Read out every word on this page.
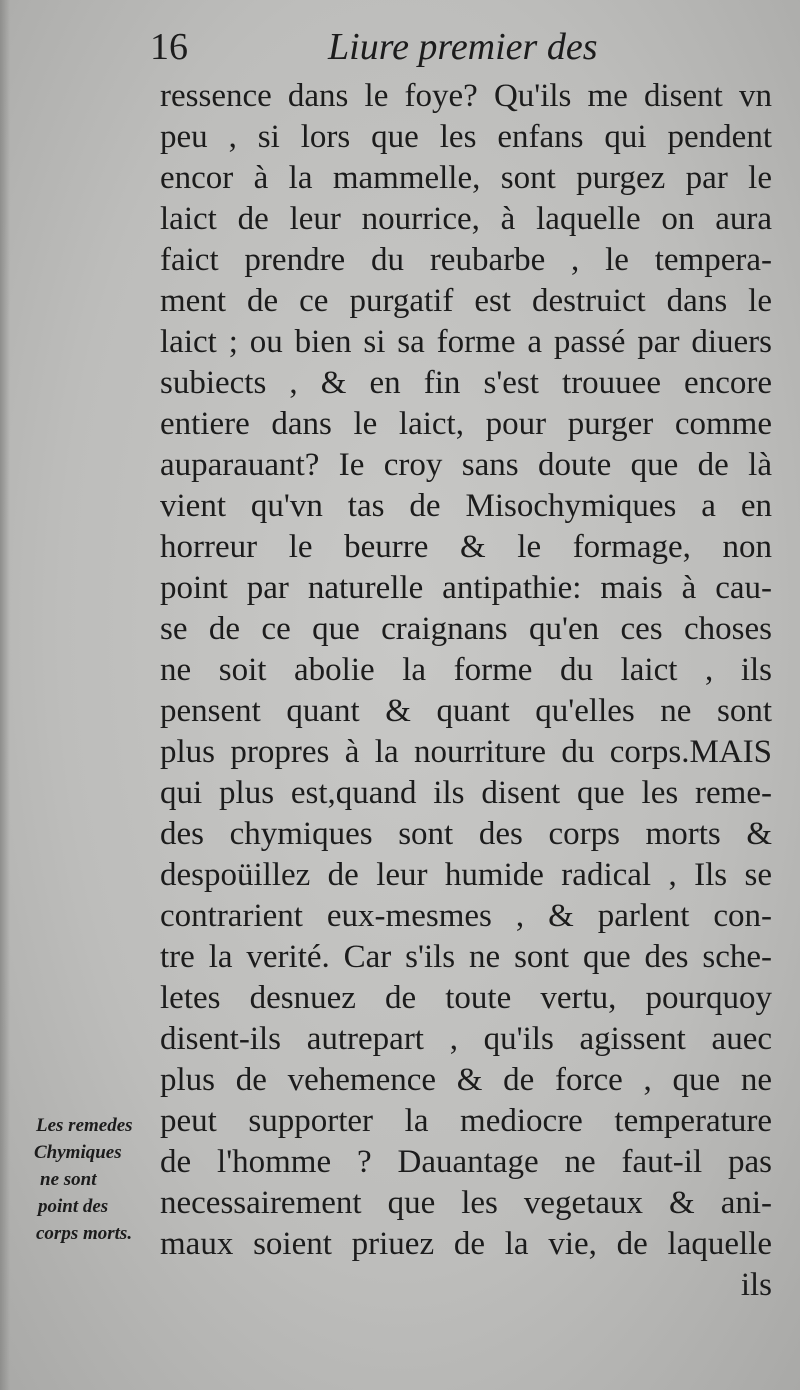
16	Liure premier des
ressence dans le foye? Qu'ils me disent vn
peu , si lors que les enfans qui pendent
encor à la mammelle, sont purgez par le
laict de leur nourrice, à laquelle on aura
faict prendre du reubarbe , le tempera-
ment de ce purgatif est destruict dans le
laict ; ou bien si sa forme a passé par diuers
subiects , & en fin s'est trouuee encore
entiere dans le laict, pour purger comme
auparauant? Ie croy sans doute que de là
vient qu'vn tas de Misochymiques a en
horreur le beurre & le formage, non
point par naturelle antipathie: mais à cau-
se de ce que craignans qu'en ces choses
ne soit abolie la forme du laict , ils
pensent quant & quant qu'elles ne sont
plus propres à la nourriture du corps.MAIS
qui plus est,quand ils disent que les reme-
des chymiques sont des corps morts &
despoüillez de leur humide radical , Ils se
contrarient eux-mesmes , & parlent con-
tre la verité. Car s'ils ne sont que des sche-
letes desnuez de toute vertu, pourquoy
disent-ils autrepart , qu'ils agissent auec
plus de vehemence & de force , que ne
peut supporter la mediocre temperature
de l'homme ? Dauantage ne faut-il pas
necessairement que les vegetaux & ani-
maux soient priuez de la vie, de laquelle
ils
Les remedes
Chymiques
ne sont
point des
corps morts.
